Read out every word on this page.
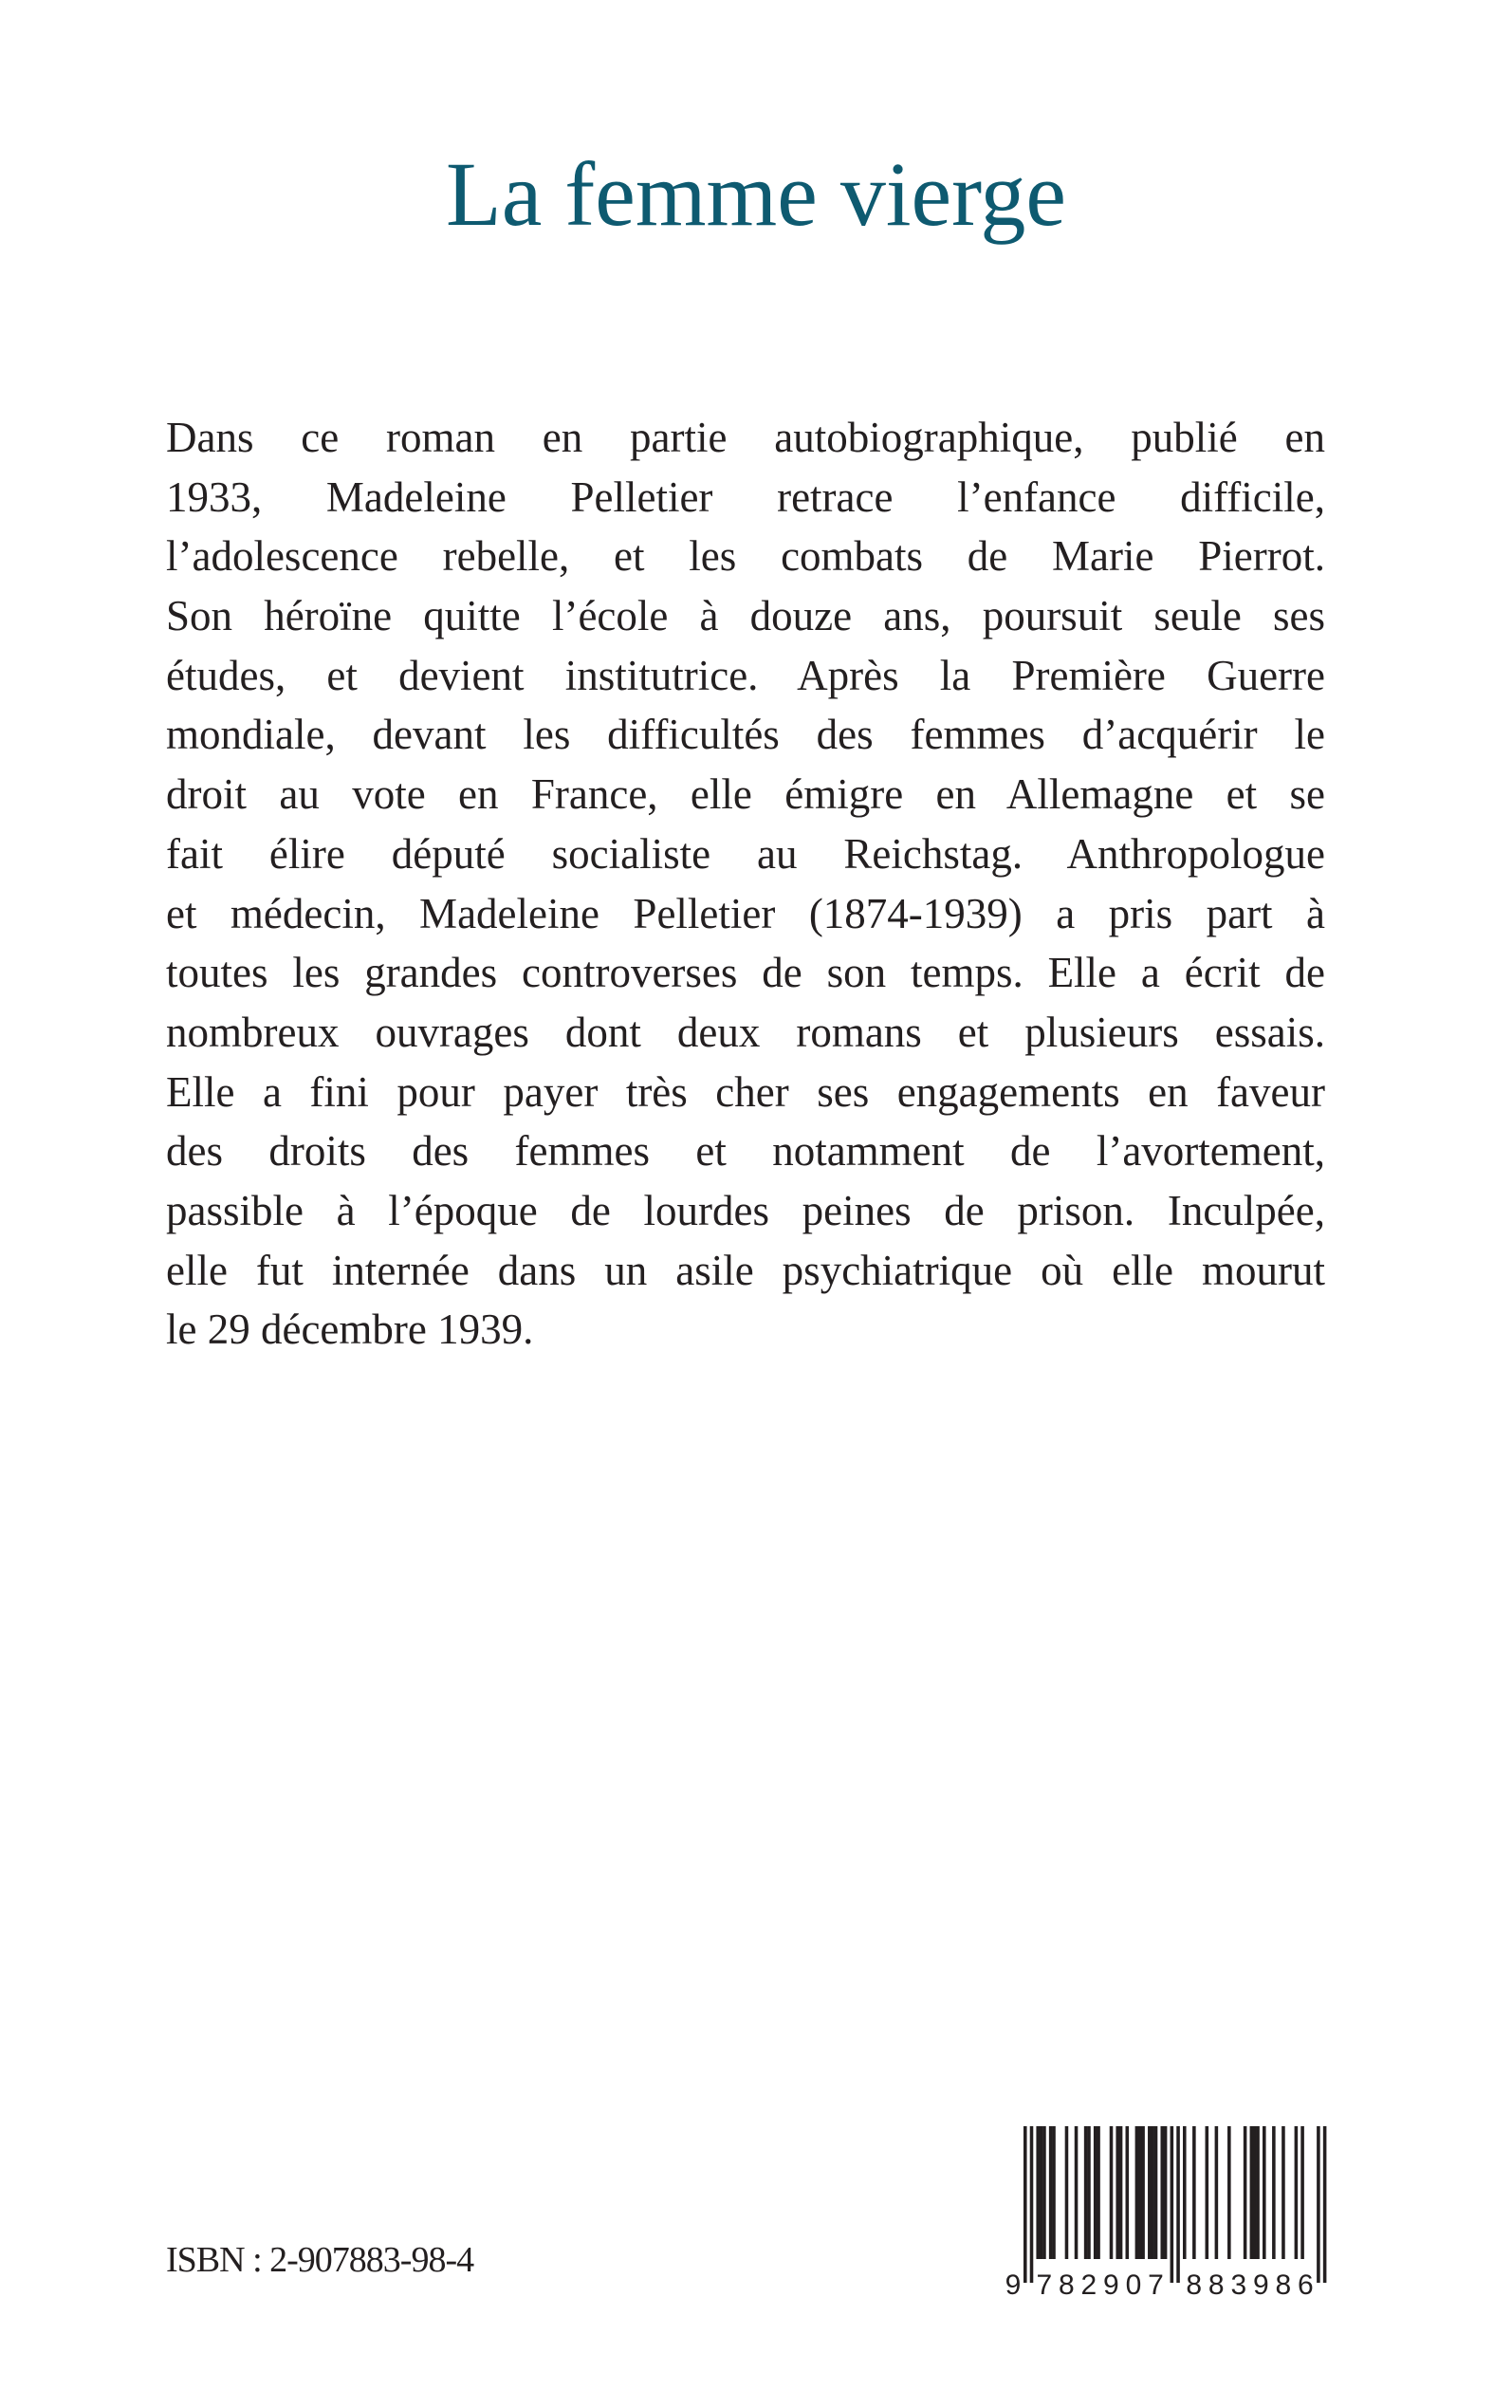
La femme vierge
Dans ce roman en partie autobiographique, publié en
1933, Madeleine Pelletier retrace l’enfance difficile,
l’adolescence rebelle, et les combats de Marie Pierrot.
Son héroïne quitte l’école à douze ans, poursuit seule ses
études, et devient institutrice. Après la Première Guerre
mondiale, devant les difficultés des femmes d’acquérir le
droit au vote en France, elle émigre en Allemagne et se
fait élire député socialiste au Reichstag. Anthropologue
et médecin, Madeleine Pelletier (1874-1939) a pris part à
toutes les grandes controverses de son temps. Elle a écrit de
nombreux ouvrages dont deux romans et plusieurs essais.
Elle a fini pour payer très cher ses engagements en faveur
des droits des femmes et notamment de l’avortement,
passible à l’époque de lourdes peines de prison. Inculpée,
elle fut internée dans un asile psychiatrique où elle mourut
le 29 décembre 1939.
ISBN : 2-907883-98-4
9 7 8 2 9 0 7 8 8 3 9 8 6
